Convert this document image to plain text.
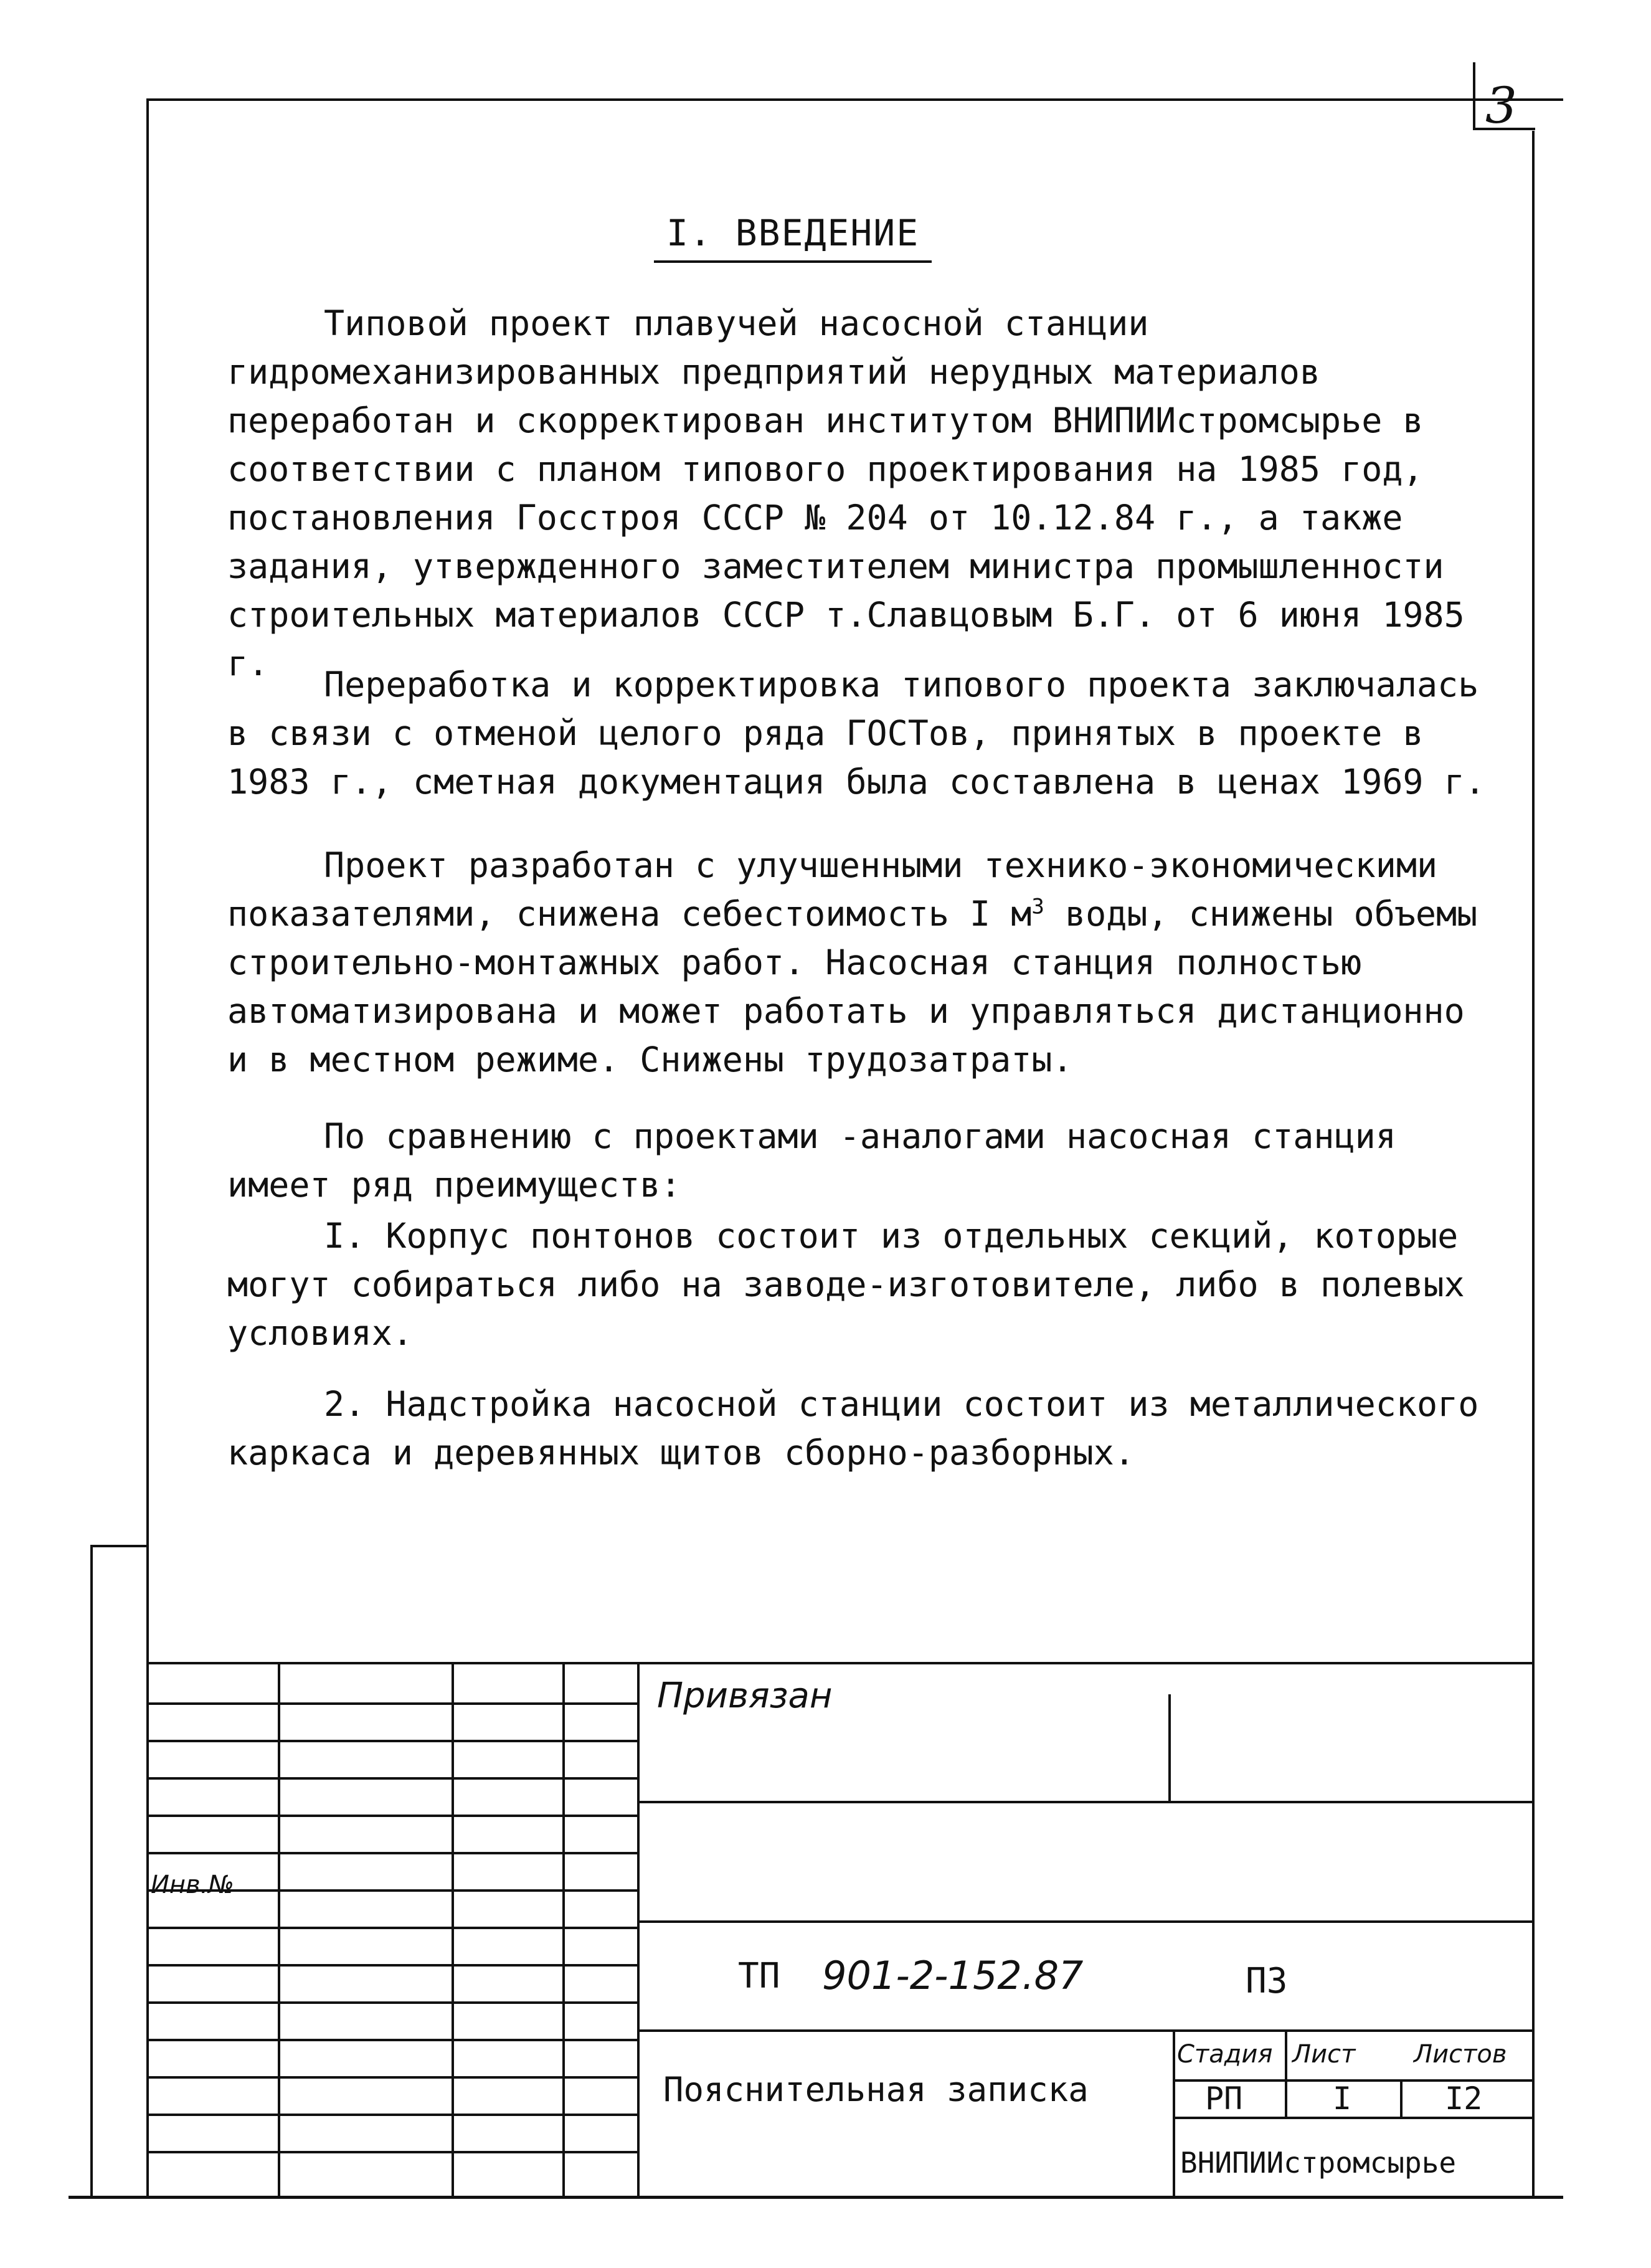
3
I. ВВЕДЕНИЕ
Типовой проект плавучей насосной станции гидромеханизированных предприятий нерудных материалов переработан и скорректирован институтом ВНИПИИстромсырье в соответствии с планом типового проектирования на 1985 год, постановления Госстроя СССР № 204 от 10.12.84 г., а также задания, утвержденного заместителем министра промышленности строительных материалов СССР т.Славцовым Б.Г. от 6 июня 1985 г.
Переработка и корректировка типового проекта заключалась в связи с отменой целого ряда ГОСТов, принятых в проекте в 1983 г., сметная документация была составлена в ценах 1969 г.
Проект разработан с улучшенными технико-экономическими показателями, снижена себестоимость I $м^3$ воды, снижены объемы строительно-монтажных работ. Насосная станция полностью автоматизирована и может работать и управляться дистанционно и в местном режиме. Снижены трудозатраты.
По сравнению с проектами -аналогами насосная станция имеет ряд преимуществ:
I. Корпус понтонов состоит из отдельных секций, которые могут собираться либо на заводе-изготовителе, либо в полевых условиях.
2. Надстройка насосной станции состоит из металлического каркаса и деревянных щитов сборно-разборных.
Привязан
Инв.№
ТП 901-2-152.87	ПЗ
Пояснительная записка
Стадия Лист Листов
РП	I	I2
ВНИПИИстромсырье
